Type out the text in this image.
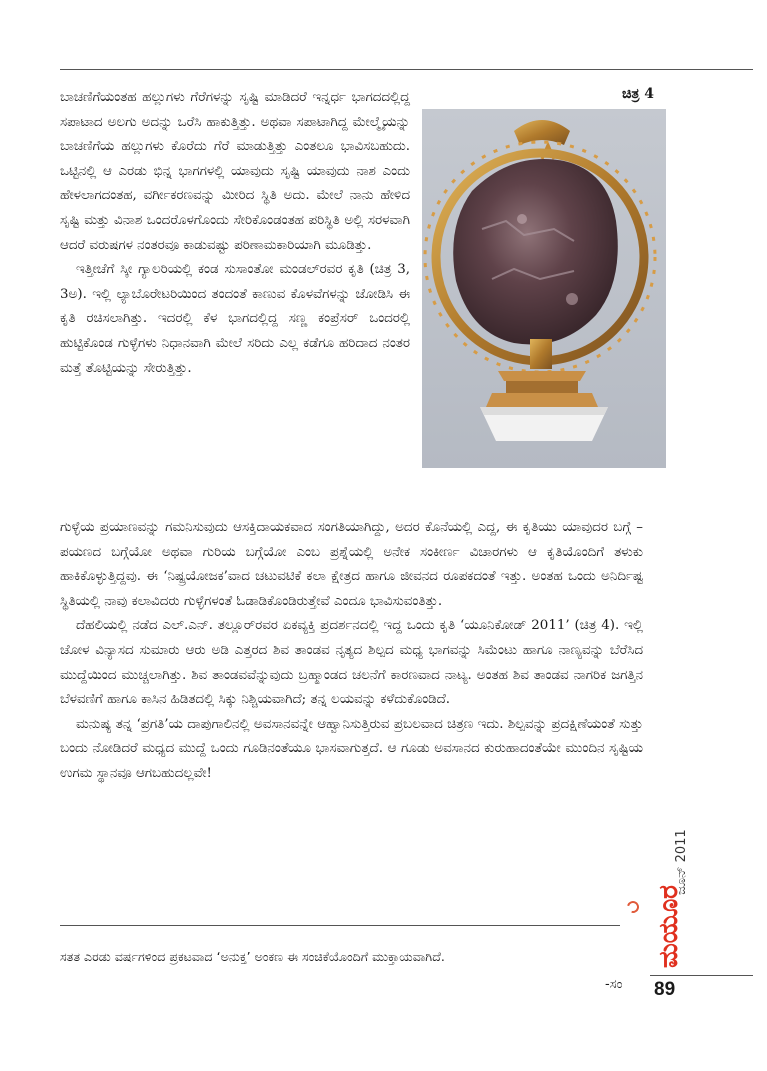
ಚಿತ್ರ 4

ಬಾಚಣಿಗೆಯಂತಹ ಹಲ್ಲುಗಳು ಗೆರೆಗಳನ್ನು ಸೃಷ್ಟಿ ಮಾಡಿದರೆ ಇನ್ನರ್ಧ ಭಾಗದದಲ್ಲಿದ್ದ ಸಪಾಟಾದ ಅಲಗು ಅದನ್ನು ಒರೆಸಿ ಹಾಕುತ್ತಿತ್ತು. ಅಥವಾ ಸಪಾಟಾಗಿದ್ದ ಮೇಲ್ಮೈಯನ್ನು ಬಾಚಣಿಗೆಯ ಹಲ್ಲುಗಳು ಕೊರೆದು ಗೆರೆ ಮಾಡುತ್ತಿತ್ತು ಎಂತಲೂ ಭಾವಿಸಬಹುದು. ಒಟ್ಟಿನಲ್ಲಿ ಆ ಎರಡು ಭಿನ್ನ ಭಾಗಗಳಲ್ಲಿ ಯಾವುದು ಸೃಷ್ಟಿ ಯಾವುದು ನಾಶ ಎಂದು ಹೇಳಲಾಗದಂತಹ, ವರ್ಗೀಕರಣವನ್ನು ಮೀರಿದ ಸ್ಥಿತಿ ಅದು. ಮೇಲೆ ನಾನು ಹೇಳಿದ ಸೃಷ್ಟಿ ಮತ್ತು ವಿನಾಶ ಒಂದರೊಳಗೊಂದು ಸೇರಿಕೊಂಡಂತಹ ಪರಿಸ್ಥಿತಿ ಅಲ್ಲಿ ಸರಳವಾಗಿ ಆದರೆ ವರುಷಗಳ ನಂತರವೂ ಕಾಡುವಷ್ಟು ಪರಿಣಾಮಕಾರಿಯಾಗಿ ಮೂಡಿತ್ತು.

ಇತ್ತೀಚೆಗೆ ಸ್ಕೀ ಗ್ಯಾಲರಿಯಲ್ಲಿ ಕಂಡ ಸುಸಾಂತೋ ಮಂಡಲ್‌ರವರ ಕೃತಿ (ಚಿತ್ರ 3, 3ಅ). ಇಲ್ಲಿ ಲ್ಯಾಬೊರೇಟರಿಯಿಂದ ತಂದಂತೆ ಕಾಣುವ ಕೊಳವೆಗಳನ್ನು ಜೋಡಿಸಿ ಈ ಕೃತಿ ರಚಿಸಲಾಗಿತ್ತು. ಇದರಲ್ಲಿ ಕೆಳ ಭಾಗದಲ್ಲಿದ್ದ ಸಣ್ಣ ಕಂಪ್ರೆಸರ್ ಒಂದರಲ್ಲಿ ಹುಟ್ಟಿಕೊಂಡ ಗುಳ್ಳೆಗಳು ನಿಧಾನವಾಗಿ ಮೇಲೆ ಸರಿದು ಎಲ್ಲ ಕಡೆಗೂ ಹರಿದಾದ ನಂತರ ಮತ್ತೆ ತೊಟ್ಟಿಯನ್ನು ಸೇರುತ್ತಿತ್ತು.

ಗುಳ್ಳೆಯ ಪ್ರಯಾಣವನ್ನು ಗಮನಿಸುವುದು ಆಸಕ್ತಿದಾಯಕವಾದ ಸಂಗತಿಯಾಗಿದ್ದು, ಅದರ ಕೊನೆಯಲ್ಲಿ ಎದ್ದ, ಈ ಕೃತಿಯು ಯಾವುದರ ಬಗ್ಗೆ – ಪಯಣದ ಬಗ್ಗೆಯೋ ಅಥವಾ ಗುರಿಯ ಬಗ್ಗೆಯೋ ಎಂಬ ಪ್ರಶ್ನೆಯಲ್ಲಿ ಅನೇಕ ಸಂಕೀರ್ಣ ವಿಚಾರಗಳು ಆ ಕೃತಿಯೊಂದಿಗೆ ತಳುಕು ಹಾಕಿಕೊಳ್ಳುತ್ತಿದ್ದವು. ಈ ‘ನಿಷ್ಪ್ರಯೋಜಕ’ವಾದ ಚಟುವಟಿಕೆ ಕಲಾ ಕ್ಷೇತ್ರದ ಹಾಗೂ ಜೀವನದ ರೂಪಕದಂತೆ ಇತ್ತು. ಅಂತಹ ಒಂದು ಅನಿರ್ದಿಷ್ಟ ಸ್ಥಿತಿಯಲ್ಲಿ ನಾವು ಕಲಾವಿದರು ಗುಳ್ಳೆಗಳಂತೆ ಓಡಾಡಿಕೊಂಡಿರುತ್ತೇವೆ ಎಂದೂ ಭಾವಿಸುವಂತಿತ್ತು.

ದೆಹಲಿಯಲ್ಲಿ ನಡೆದ ಎಲ್.ಎನ್. ತಲ್ಲೂರ್‌ರವರ ಏಕವ್ಯಕ್ತಿ ಪ್ರದರ್ಶನದಲ್ಲಿ ಇದ್ದ ಒಂದು ಕೃತಿ ‘ಯೂನಿಕೋಡ್ 2011’ (ಚಿತ್ರ 4). ಇಲ್ಲಿ ಚೋಳ ವಿನ್ಯಾಸದ ಸುಮಾರು ಆರು ಅಡಿ ಎತ್ತರದ ಶಿವ ತಾಂಡವ ನೃತ್ಯದ ಶಿಲ್ಪದ ಮಧ್ಯ ಭಾಗವನ್ನು ಸಿಮೆಂಟು ಹಾಗೂ ನಾಣ್ಯವನ್ನು ಬೆರೆಸಿದ ಮುದ್ದೆಯಿಂದ ಮುಚ್ಚಲಾಗಿತ್ತು. ಶಿವ ತಾಂಡವವೆನ್ನುವುದು ಬ್ರಹ್ಮಾಂಡದ ಚಲನೆಗೆ ಕಾರಣವಾದ ನಾಟ್ಯ. ಅಂತಹ ಶಿವ ತಾಂಡವ ನಾಗರಿಕ ಜಗತ್ತಿನ ಬೆಳವಣಿಗೆ ಹಾಗೂ ಕಾಸಿನ ಹಿಡಿತದಲ್ಲಿ ಸಿಕ್ಕು ನಿಶ್ಚಿಯವಾಗಿದೆ; ತನ್ನ ಲಯವನ್ನು ಕಳೆದುಕೊಂಡಿದೆ.

ಮನುಷ್ಯ ತನ್ನ ‘ಪ್ರಗತಿ’ಯ ದಾಪುಗಾಲಿನಲ್ಲಿ ಅವಸಾನವನ್ನೇ ಆಹ್ವಾನಿಸುತ್ತಿರುವ ಪ್ರಬಲವಾದ ಚಿತ್ರಣ ಇದು. ಶಿಲ್ಪವನ್ನು ಪ್ರದಕ್ಷಿಣೆಯಂತೆ ಸುತ್ತು ಬಂದು ನೋಡಿದರೆ ಮಧ್ಯದ ಮುದ್ದೆ ಒಂದು ಗೂಡಿನಂತೆಯೂ ಭಾಸವಾಗುತ್ತದೆ. ಆ ಗೂಡು ಅವಸಾನದ ಕುರುಹಾದಂತೆಯೇ ಮುಂದಿನ ಸೃಷ್ಟಿಯ ಉಗಮ ಸ್ಥಾನವೂ ಆಗಬಹುದಲ್ಲವೇ!

ಸತತ ಎರಡು ವರ್ಷಗಳಿಂದ ಪ್ರಕಟವಾದ ‘ಅನುಕ್ತ’ ಅಂಕಣ ಈ ಸಂಚಿಕೆಯೊಂದಿಗೆ ಮುಕ್ತಾಯವಾಗಿದೆ.
-ಸಂ
ಜೂನ್ 2011
ಮಯೂರ
89
